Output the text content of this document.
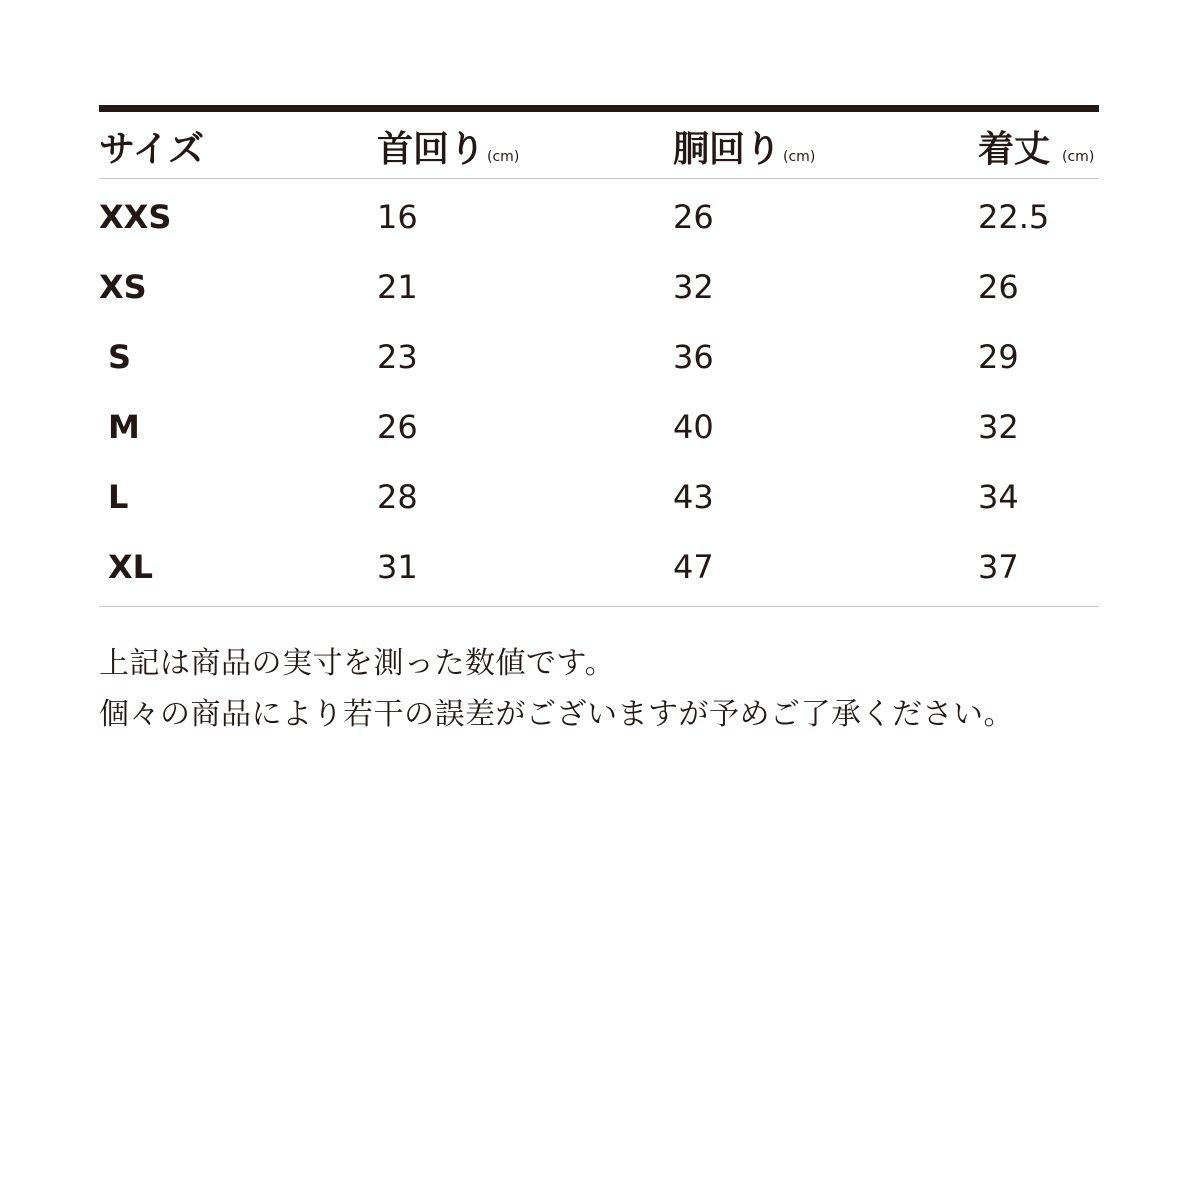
サイズ	首回り (cm)	胴回り (cm)	着丈 (cm)
XXS	16	26	22.5
XS	21	32	26
S	23	36	29
M	26	40	32
L	28	43	34
XL	31	47	37
上記は商品の実寸を測った数値です。
個々の商品により若干の誤差がございますが予めご了承ください。
